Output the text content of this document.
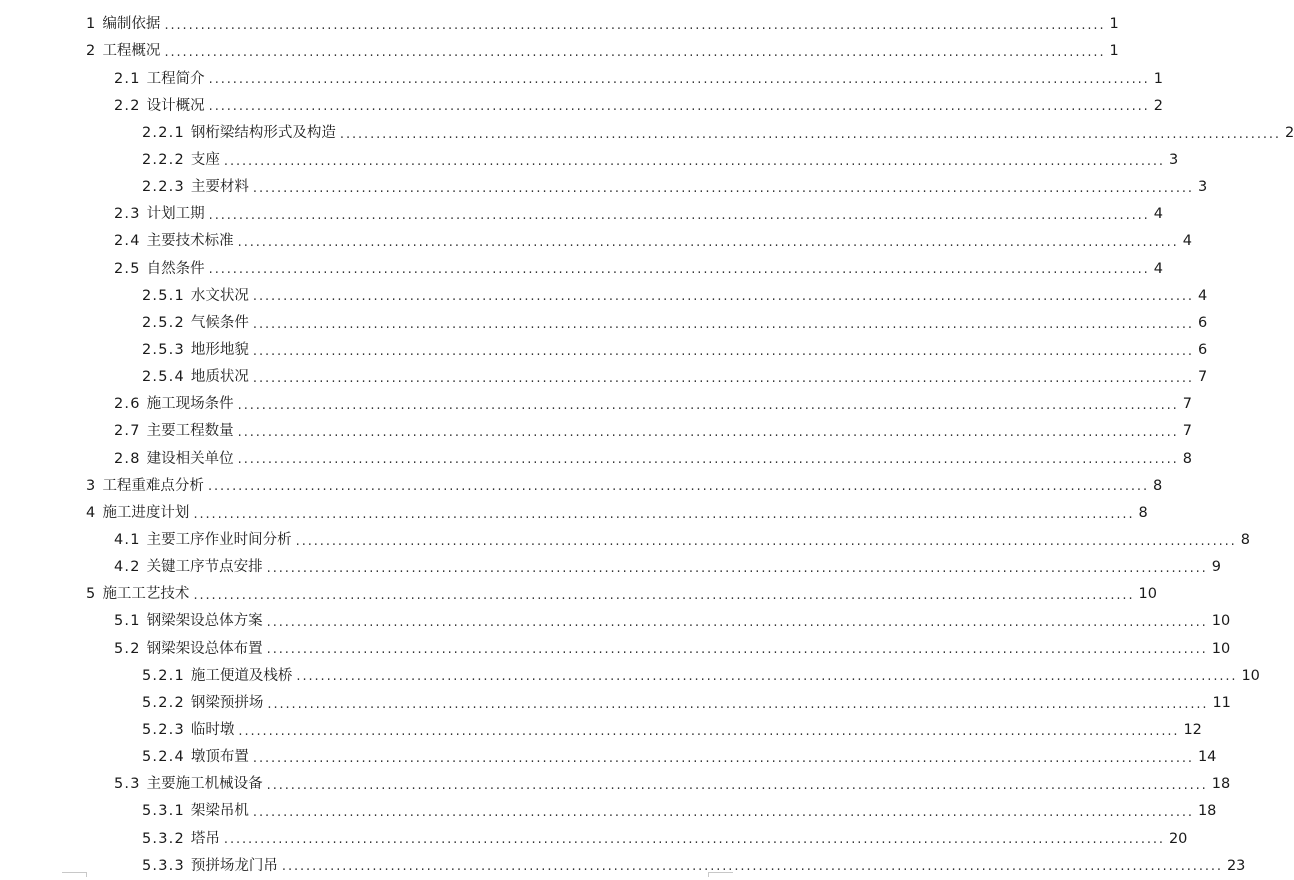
1 编制依据 ............................................................................................................................................................ 1
2 工程概况 ............................................................................................................................................................ 1
2.1 工程简介 ............................................................................................................................................................ 1
2.2 设计概况 ............................................................................................................................................................ 2
2.2.1 钢桁梁结构形式及构造 ............................................................................................................................................................ 2
2.2.2 支座 ............................................................................................................................................................ 3
2.2.3 主要材料 ............................................................................................................................................................ 3
2.3 计划工期 ............................................................................................................................................................ 4
2.4 主要技术标准 ............................................................................................................................................................ 4
2.5 自然条件 ............................................................................................................................................................ 4
2.5.1 水文状况 ............................................................................................................................................................ 4
2.5.2 气候条件 ............................................................................................................................................................ 6
2.5.3 地形地貌 ............................................................................................................................................................ 6
2.5.4 地质状况 ............................................................................................................................................................ 7
2.6 施工现场条件 ............................................................................................................................................................ 7
2.7 主要工程数量 ............................................................................................................................................................ 7
2.8 建设相关单位 ............................................................................................................................................................ 8
3 工程重难点分析 ............................................................................................................................................................ 8
4 施工进度计划 ............................................................................................................................................................ 8
4.1 主要工序作业时间分析 ............................................................................................................................................................ 8
4.2 关键工序节点安排 ............................................................................................................................................................ 9
5 施工工艺技术 ............................................................................................................................................................ 10
5.1 钢梁架设总体方案 ............................................................................................................................................................ 10
5.2 钢梁架设总体布置 ............................................................................................................................................................ 10
5.2.1 施工便道及栈桥 ............................................................................................................................................................ 10
5.2.2 钢梁预拼场 ............................................................................................................................................................ 11
5.2.3 临时墩 ............................................................................................................................................................ 12
5.2.4 墩顶布置 ............................................................................................................................................................ 14
5.3 主要施工机械设备 ............................................................................................................................................................ 18
5.3.1 架梁吊机 ............................................................................................................................................................ 18
5.3.2 塔吊 ............................................................................................................................................................ 20
5.3.3 预拼场龙门吊 ............................................................................................................................................................ 23
